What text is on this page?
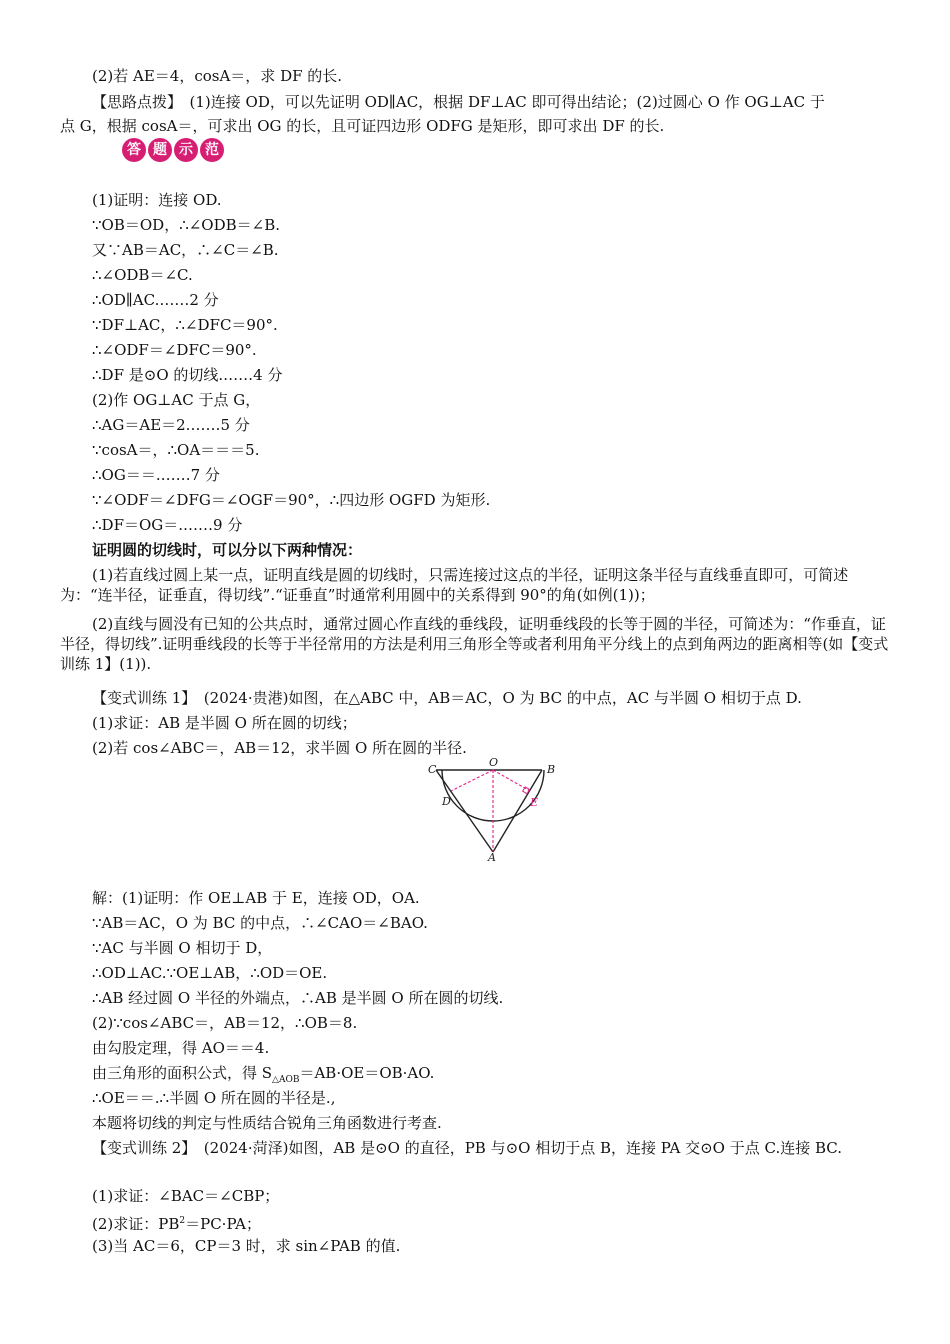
(2)若 AE＝4，cosA＝，求 DF 的长.

【思路点拨】　(1)连接 OD，可以先证明 OD∥AC，根据 DF⊥AC 即可得出结论；(2)过圆心 O 作 OG⊥AC 于

点 G，根据 cosA＝，可求出 OG 的长，且可证四边形 ODFG 是矩形，即可求出 DF 的长.

答 题 示 范

(1)证明：连接 OD.

∵OB＝OD，∴∠ODB＝∠B.

又∵AB＝AC，∴∠C＝∠B.

∴∠ODB＝∠C.

∴OD∥AC.……2 分

∵DF⊥AC，∴∠DFC＝90°.

∴∠ODF＝∠DFC＝90°.

∴DF 是⊙O 的切线.……4 分

(2)作 OG⊥AC 于点 G，

∴AG＝AE＝2.……5 分

∵cosA＝，∴OA＝＝＝5.

∴OG＝＝.……7 分

∵∠ODF＝∠DFG＝∠OGF＝90°，∴四边形 OGFD 为矩形.

∴DF＝OG＝.……9 分

证明圆的切线时，可以分以下两种情况：

(1)若直线过圆上某一点，证明直线是圆的切线时，只需连接过这点的半径，证明这条半径与直线垂直即可，可简述为：“连半径，证垂直，得切线”.“证垂直”时通常利用圆中的关系得到 90°的角(如例(1))；

(2)直线与圆没有已知的公共点时，通常过圆心作直线的垂线段，证明垂线段的长等于圆的半径，可简述为：“作垂直，证半径，得切线”.证明垂线段的长等于半径常用的方法是利用三角形全等或者利用角平分线上的点到角两边的距离相等(如【变式训练 1】(1)).

【变式训练 1】　(2024·贵港)如图，在△ABC 中，AB＝AC，O 为 BC 的中点，AC 与半圆 O 相切于点 D.

(1)求证：AB 是半圆 O 所在圆的切线；

(2)若 cos∠ABC＝，AB＝12，求半圆 O 所在圆的半径.

C
O
B
D	E
A

解：(1)证明：作 OE⊥AB 于 E，连接 OD，OA.

∵AB＝AC，O 为 BC 的中点，∴∠CAO＝∠BAO.

∵AC 与半圆 O 相切于 D，

∴OD⊥AC.∵OE⊥AB，∴OD＝OE.

∴AB 经过圆 O 半径的外端点，∴AB 是半圆 O 所在圆的切线.

(2)∵cos∠ABC＝，AB＝12，∴OB＝8.

由勾股定理，得 AO＝＝4.

由三角形的面积公式，得 $S_{\triangle AOB}=AB\cdot OE=OB\cdot AO$.

∴OE＝＝.∴半圆 O 所在圆的半径是.,

本题将切线的判定与性质结合锐角三角函数进行考查.

【变式训练 2】　(2024·菏泽)如图，AB 是⊙O 的直径，PB 与⊙O 相切于点 B，连接 PA 交⊙O 于点 C.连接 BC.

(1)求证：∠BAC＝∠CBP；

(2)求证：$PB^2=PC\cdot PA$；

(3)当 AC＝6，CP＝3 时，求 sin∠PAB 的值.
